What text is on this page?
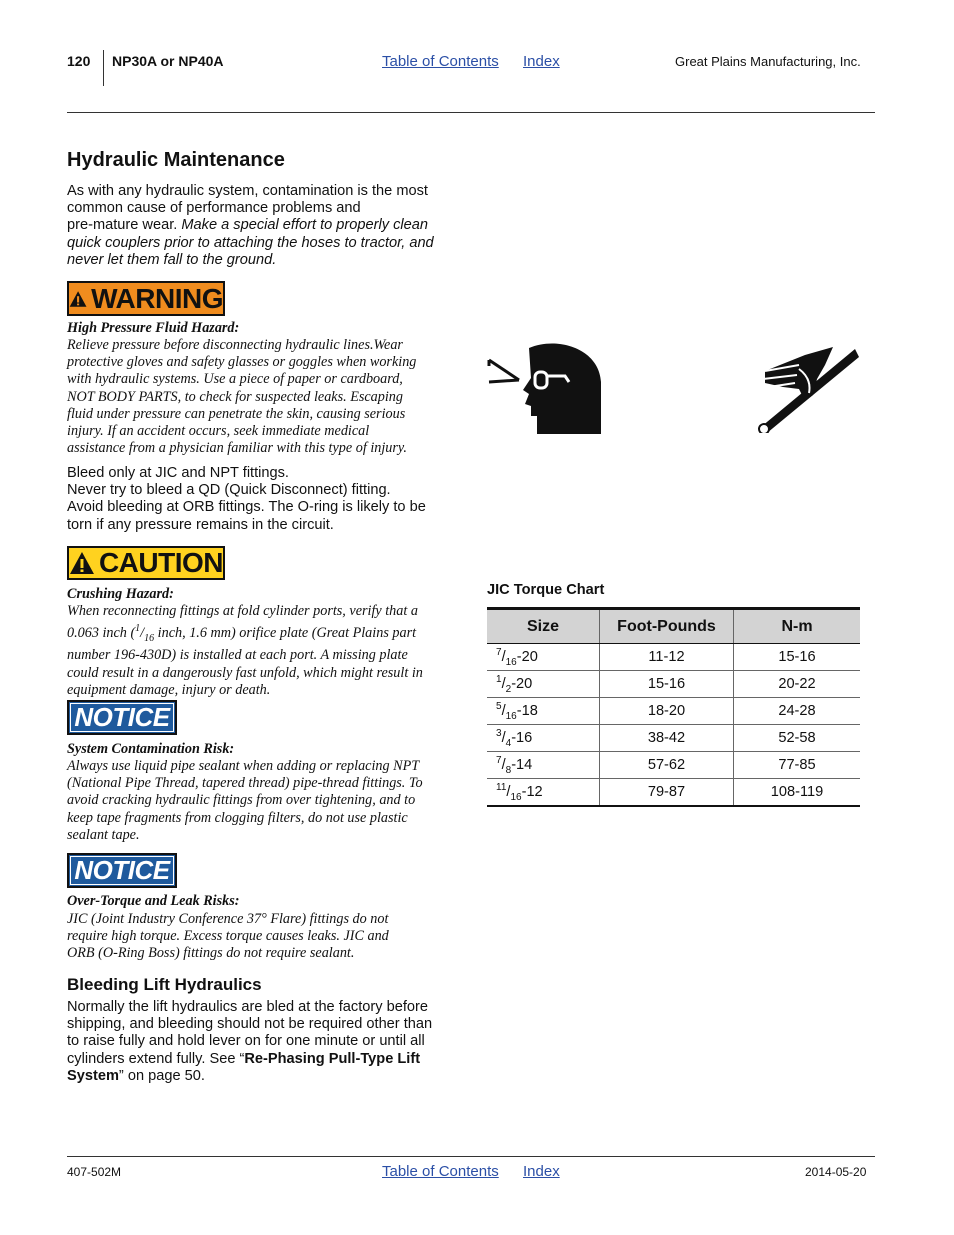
120 NP30A or NP40A	Table of Contents Index	Great Plains Manufacturing, Inc.
Hydraulic Maintenance
As with any hydraulic system, contamination is the most
common cause of performance problems and
pre-mature wear. Make a special effort to properly clean
quick couplers prior to attaching the hoses to tractor, and
never let them fall to the ground.
WARNING
High Pressure Fluid Hazard:
Relieve pressure before disconnecting hydraulic lines.Wear
protective gloves and safety glasses or goggles when working
with hydraulic systems. Use a piece of paper or cardboard,
NOT BODY PARTS, to check for suspected leaks. Escaping
fluid under pressure can penetrate the skin, causing serious
injury. If an accident occurs, seek immediate medical
assistance from a physician familiar with this type of injury.
Bleed only at JIC and NPT fittings.
Never try to bleed a QD (Quick Disconnect) fitting.
Avoid bleeding at ORB fittings. The O-ring is likely to be
torn if any pressure remains in the circuit.
CAUTION
Crushing Hazard:
When reconnecting fittings at fold cylinder ports, verify that a
0.063 inch ($^1/_{16}$ inch, 1.6 mm) orifice plate (Great Plains part
number 196-430D) is installed at each port. A missing plate
could result in a dangerously fast unfold, which might result in
equipment damage, injury or death.
NOTICE
System Contamination Risk:
Always use liquid pipe sealant when adding or replacing NPT
(National Pipe Thread, tapered thread) pipe-thread fittings. To
avoid cracking hydraulic fittings from over tightening, and to
keep tape fragments from clogging filters, do not use plastic
sealant tape.
NOTICE
Over-Torque and Leak Risks:
JIC (Joint Industry Conference 37° Flare) fittings do not
require high torque. Excess torque causes leaks. JIC and
ORB (O-Ring Boss) fittings do not require sealant.
Bleeding Lift Hydraulics
Normally the lift hydraulics are bled at the factory before
shipping, and bleeding should not be required other than
to raise fully and hold lever on for one minute or until all
cylinders extend fully. See “Re-Phasing Pull-Type Lift
System” on page 50.
JIC Torque Chart
Size	Foot-Pounds	N-m
$^7/_{16}-20$	11-12	15-16
$^1/_2-20$	15-16	20-22
$^5/_{16}-18$	18-20	24-28
$^3/_4-16$	38-42	52-58
$^7/_8-14$	57-62	77-85
$^{11}/_{16}-12$	79-87	108-119
407-502M	Table of Contents Index	2014-05-20
